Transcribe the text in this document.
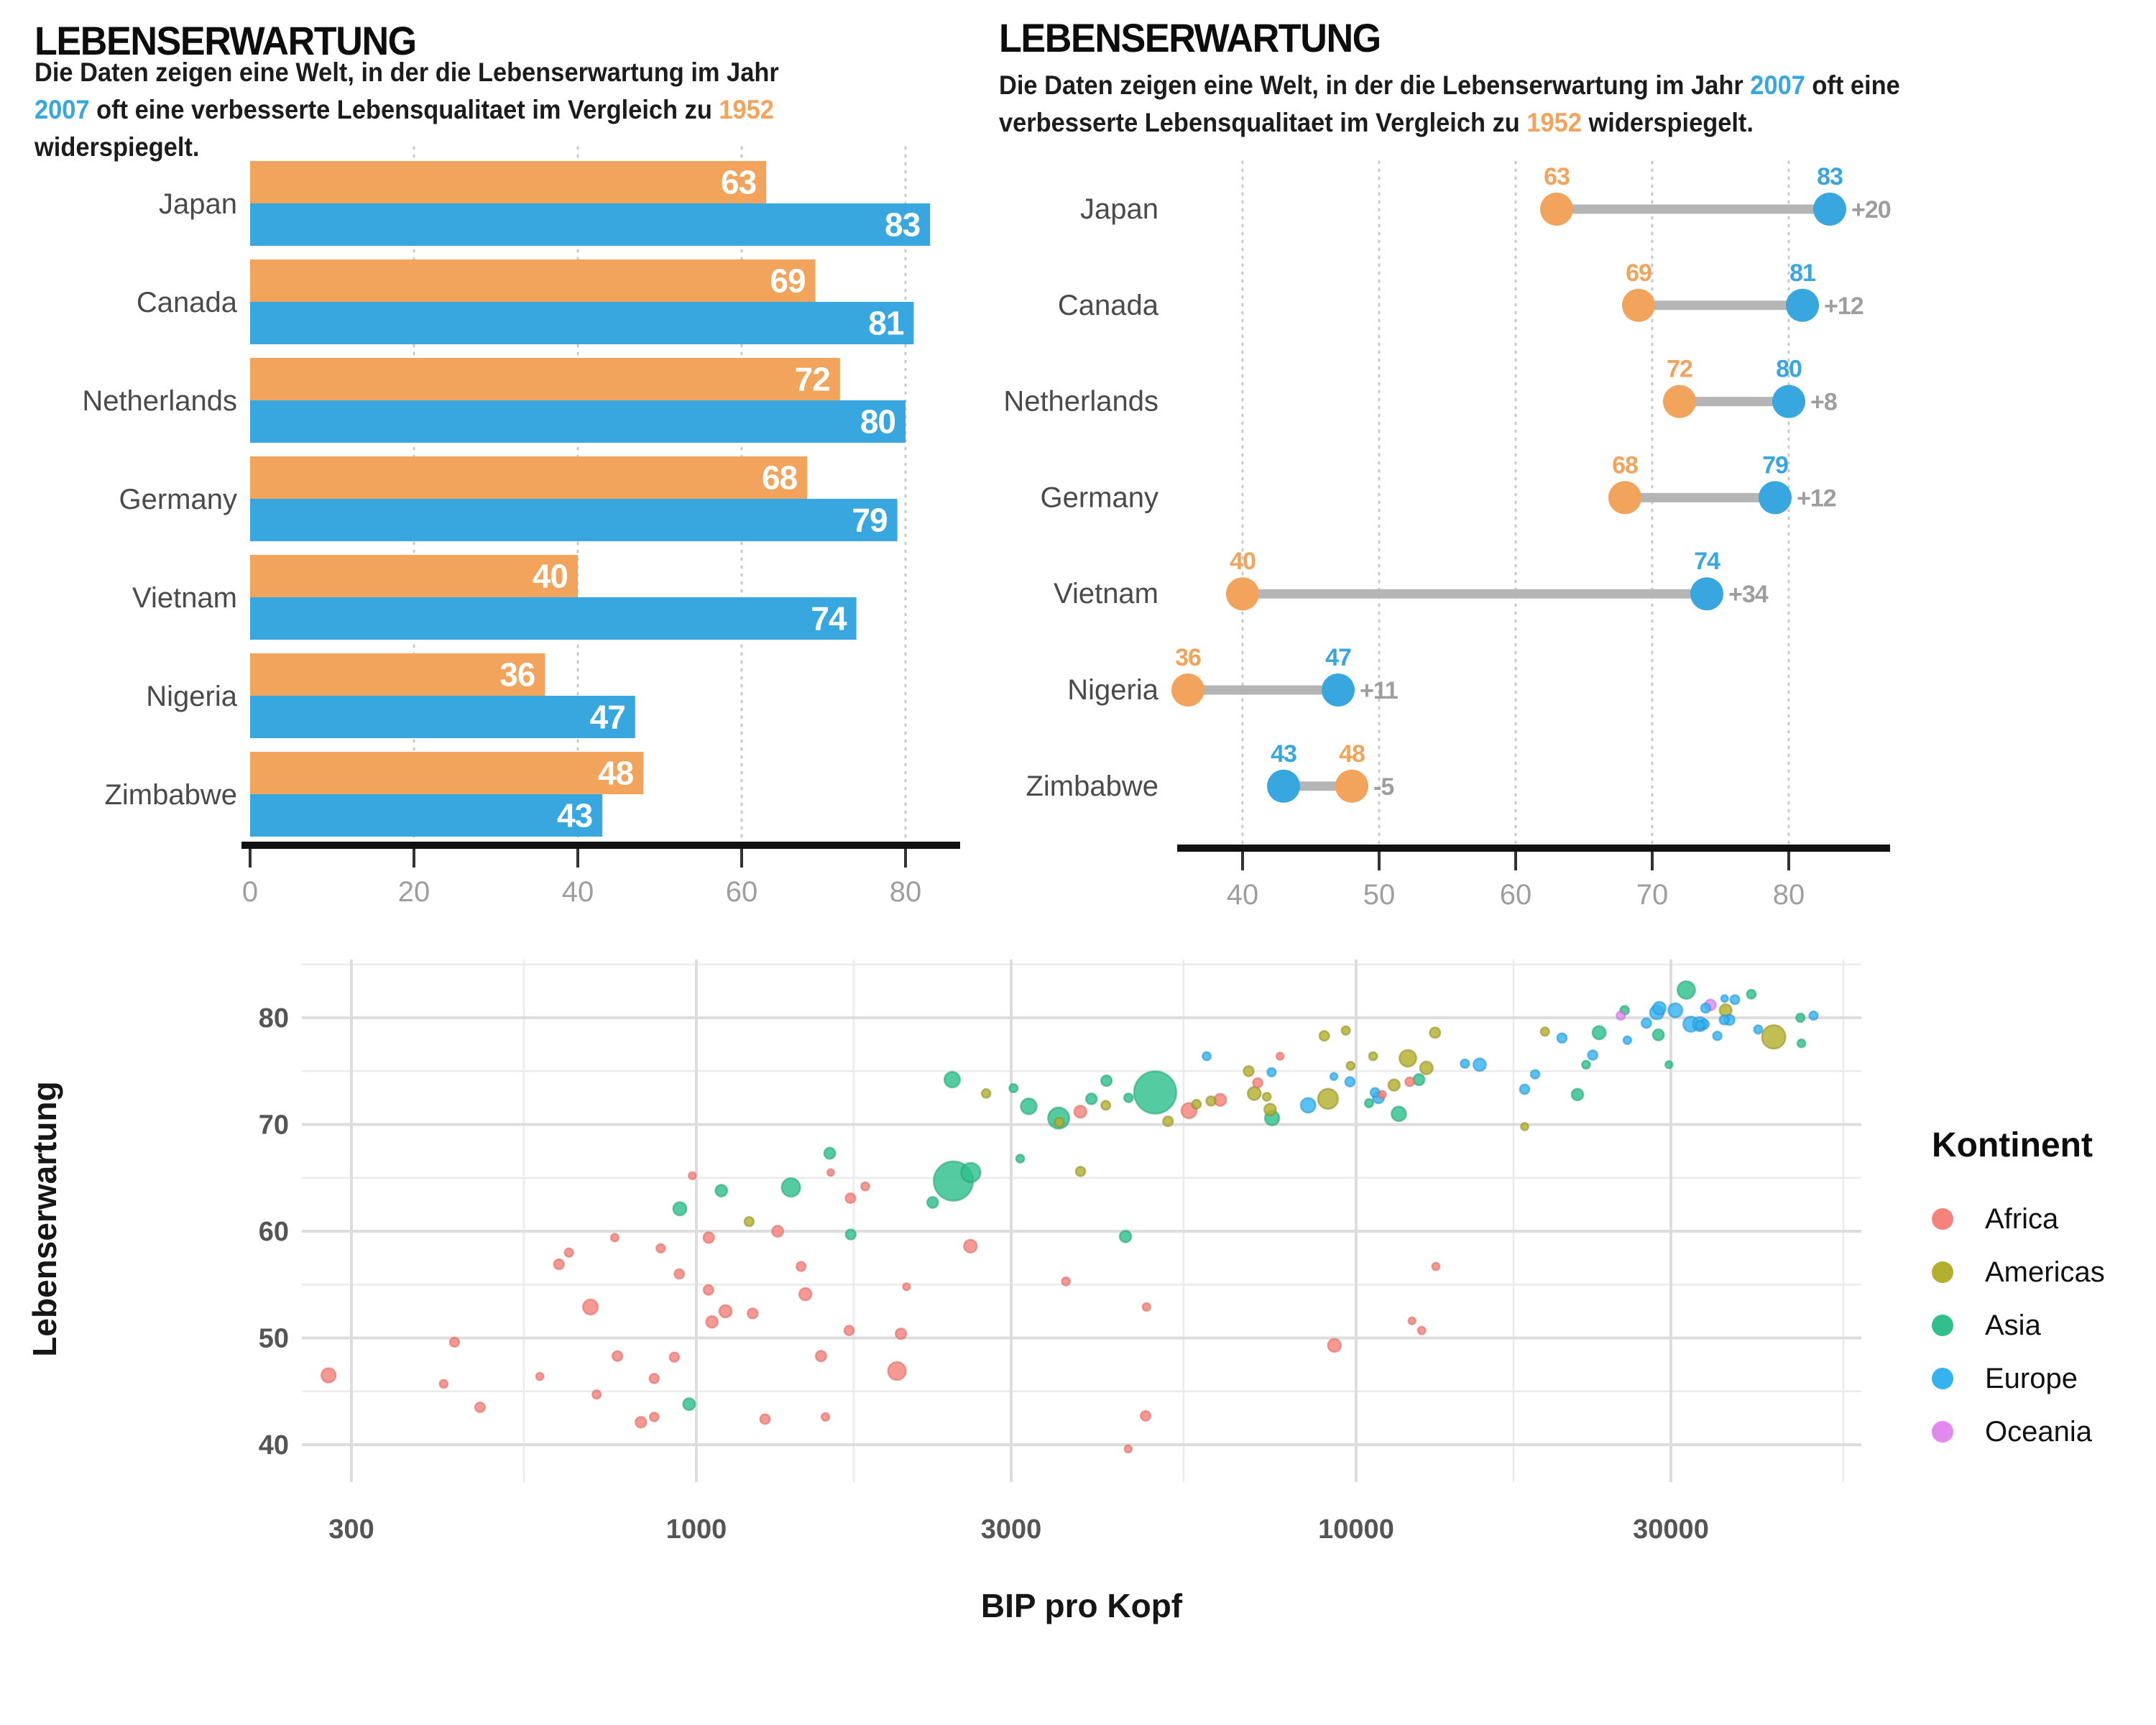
LEBENSERWARTUNG
Die Daten zeigen eine Welt, in der die Lebenserwartung im Jahr
2007 oft eine verbesserte Lebensqualitaet im Vergleich zu 1952
widerspiegelt.
LEBENSERWARTUNG
Die Daten zeigen eine Welt, in der die Lebenserwartung im Jahr 2007 oft eine
verbesserte Lebensqualitaet im Vergleich zu 1952 widerspiegelt.
63
83
Japan
69
81
Canada
72
80
Netherlands
68
79
Germany
40
74
Vietnam
36
47
Nigeria
48
43
Zimbabwe
0	20	40	60	80
63	83
+20
Japan
69	81
+12
Canada
72	80
+8
Netherlands
68	79
+12
Germany
40	74
+34
Vietnam
36	47
+11
Nigeria
48
43
-5
Zimbabwe
40	50	60	70	80
300	1000	3000	10000	30000
40
50
60
70
80
BIP pro Kopf
Lebenserwartung	Kontinent
Africa
Americas
Asia
Europe
Oceania
